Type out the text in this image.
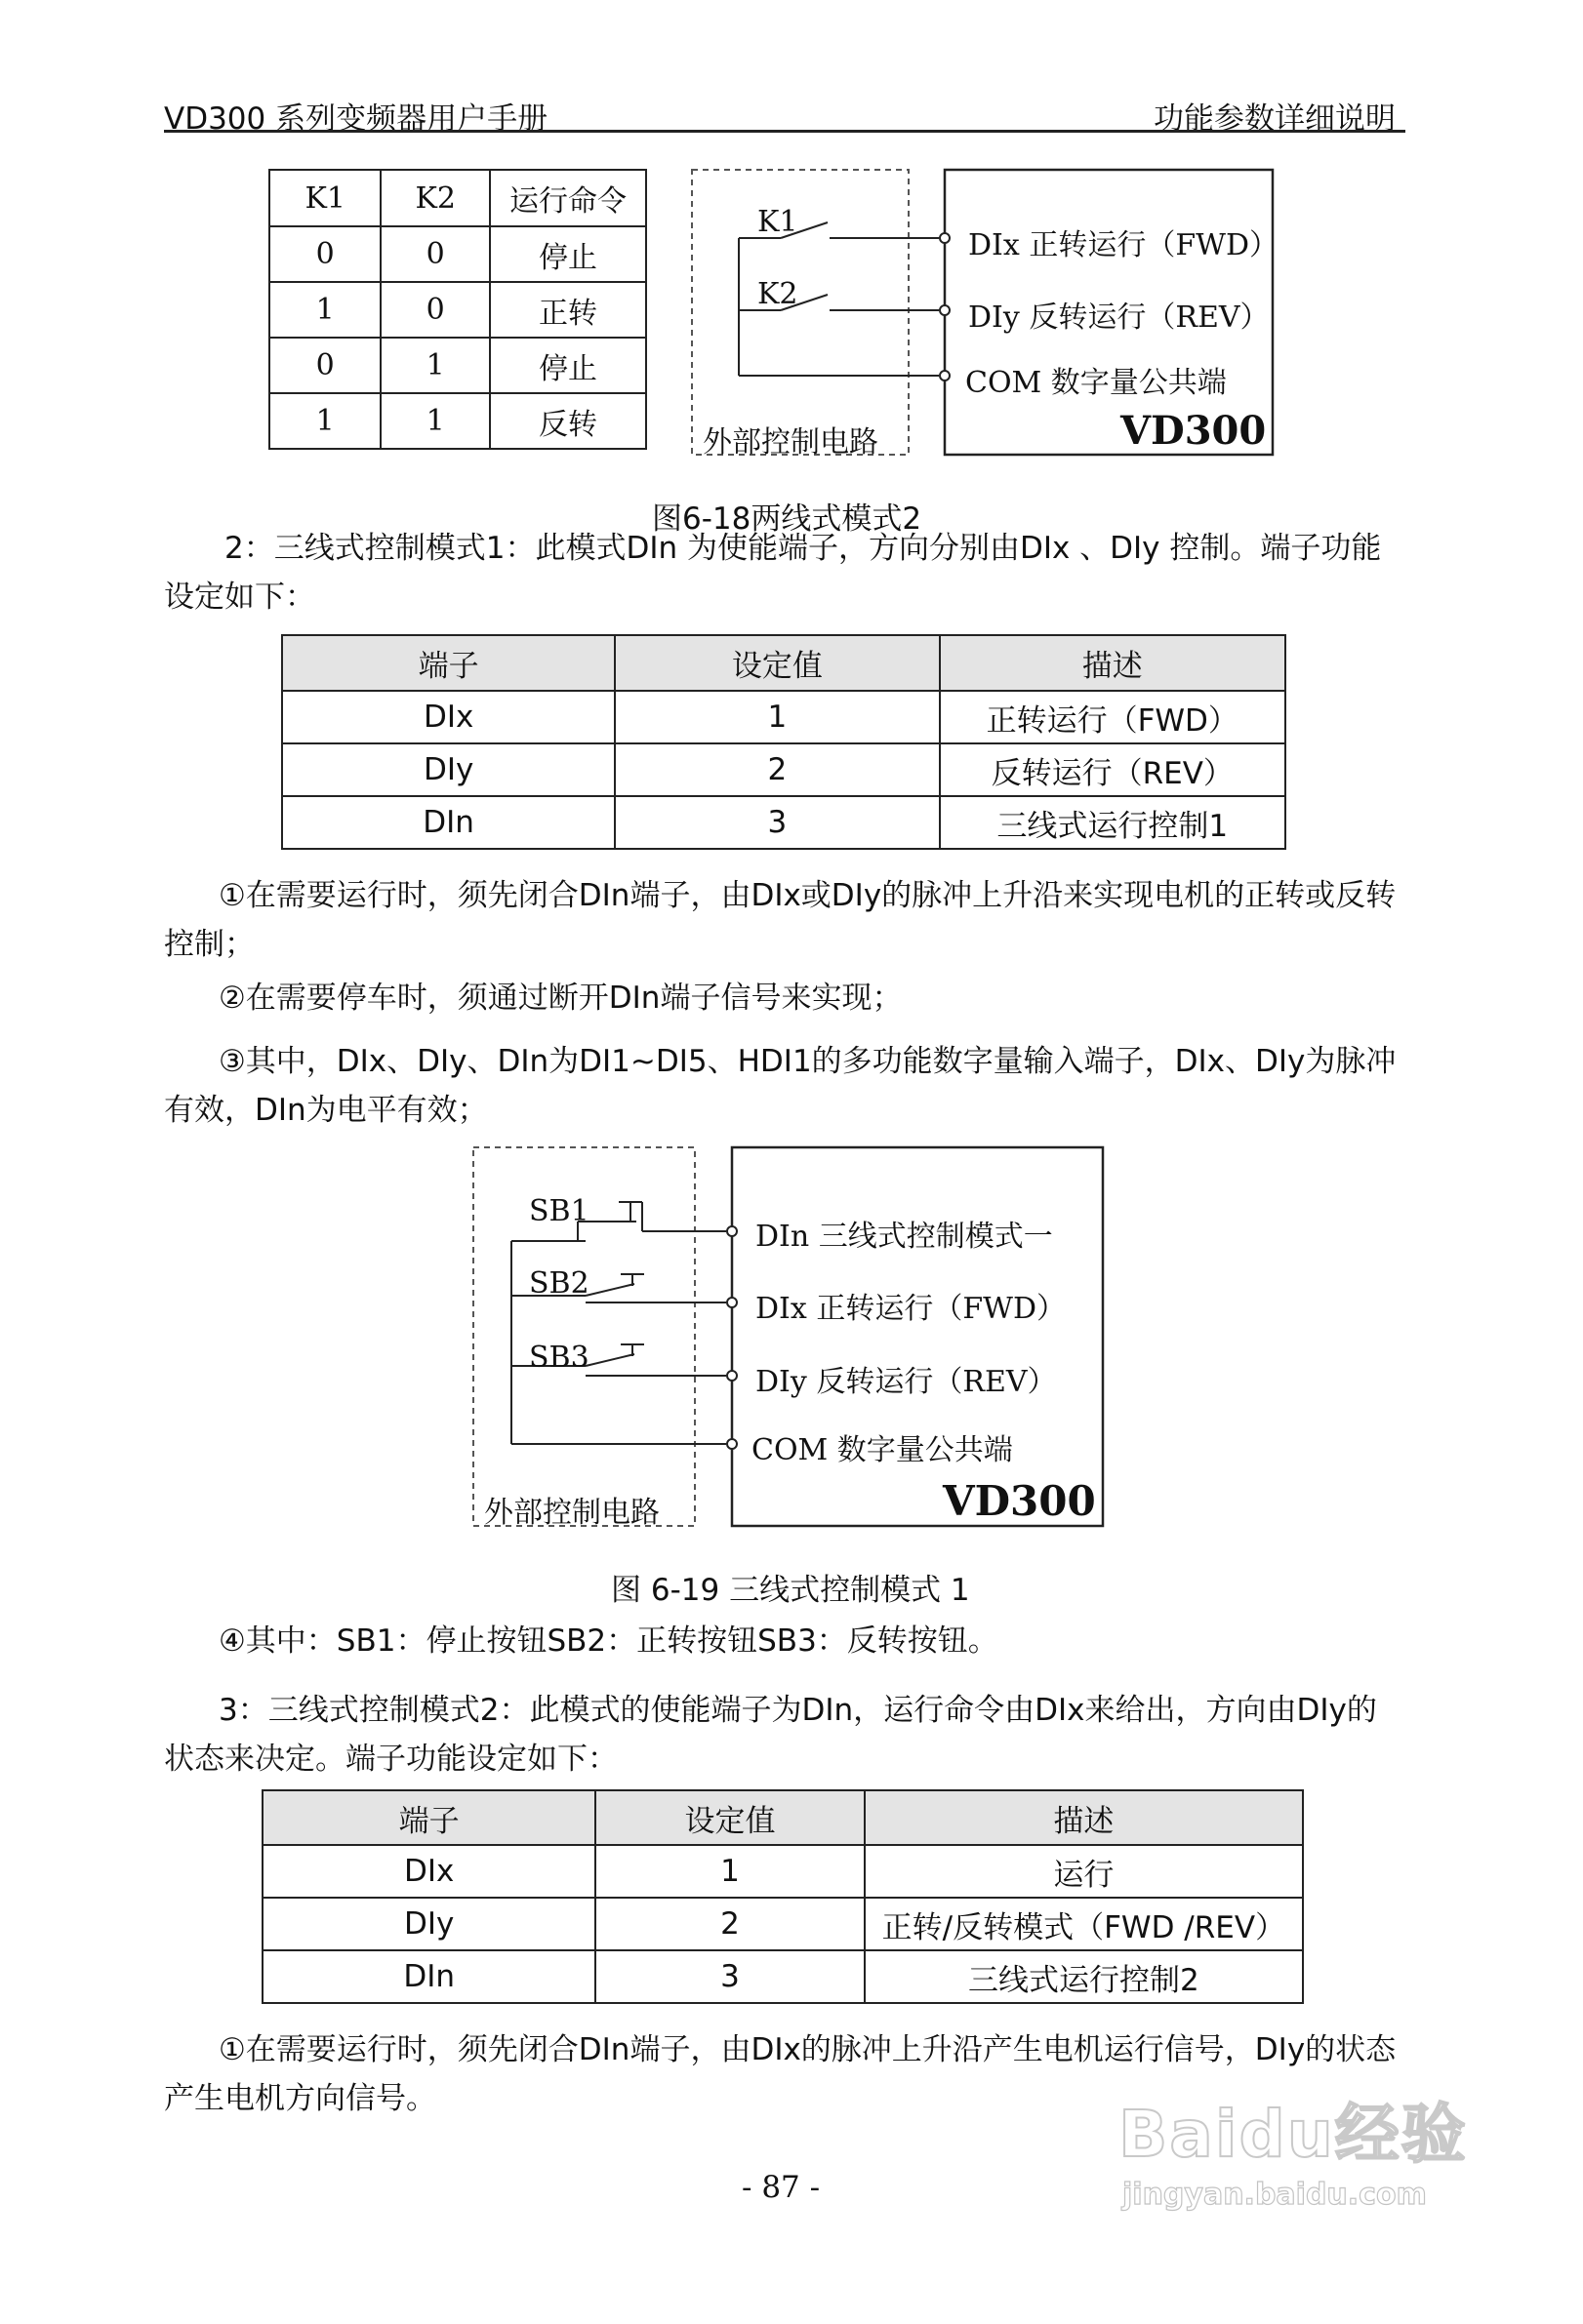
VD300 系列变频器用户手册	功能参数详细说明
K1	K2	运行命令
0	0	停止
1	0	正转
0	1	停止
1	1	反转
K1
K2
DIx 正转运行（FWD）
DIy 反转运行（REV）
COM 数字量公共端
外部控制电路	VD300
图6-18两线式模式2
2：三线式控制模式1：此模式DIn 为使能端子，方向分别由DIx 、DIy 控制。端子功能设定如下：
端子	设定值	描述
DIx	1	正转运行（FWD）
DIy	2	反转运行（REV）
DIn	3	三线式运行控制1
①在需要运行时，须先闭合DIn端子，由DIx或DIy的脉冲上升沿来实现电机的正转或反转控制；
②在需要停车时，须通过断开DIn端子信号来实现；
③其中，DIx、DIy、DIn为DI1~DI5、HDI1的多功能数字量输入端子，DIx、DIy为脉冲有效，DIn为电平有效；
SB1
SB2
SB3
DIn 三线式控制模式一
DIx 正转运行（FWD）
DIy 反转运行（REV）
COM 数字量公共端
外部控制电路	VD300
图 6-19 三线式控制模式 1
④其中：SB1：停止按钮SB2：正转按钮SB3：反转按钮。
3：三线式控制模式2：此模式的使能端子为DIn，运行命令由DIx来给出，方向由DIy的状态来决定。端子功能设定如下：
端子	设定值	描述
DIx	1	运行
DIy	2	正转/反转模式（FWD /REV）
DIn	3	三线式运行控制2
①在需要运行时，须先闭合DIn端子，由DIx的脉冲上升沿产生电机运行信号，DIy的状态产生电机方向信号。
- 87 -
Baidu经验
jingyan.baidu.com
